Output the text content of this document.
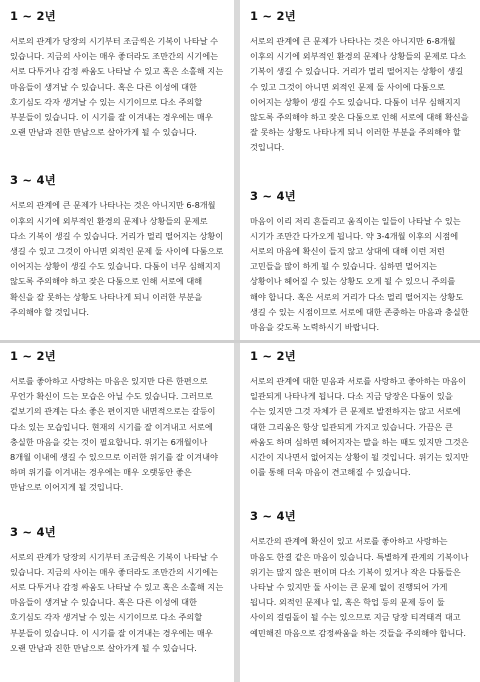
1 ~ 2년

서로의 관계가 당장의 시기부터 조금씩은 기복이 나타날 수 있습니다. 지금의 사이는 매우 좋더라도 조만간의 시기에는 서로 다투거나 감정 싸움도 나타날 수 있고 혹은 소홀해 지는 마음들이 생겨날 수 있습니다. 혹은 다른 이성에 대한 호기심도 각자 생겨날 수 있는 시기이므로 다소 주의할 부분들이 있습니다. 이 시기를 잘 이겨내는 경우에는 매우 오랜 만남과 진한 만남으로 살아가게 될 수 있습니다.

3 ~ 4년

서로의 관계에 큰 문제가 나타나는 것은 아니지만 6-8개월 이후의 시기에 외부적인 환경의 문제나 상황들의 문제로 다소 기복이 생길 수 있습니다. 거리가 멀리 떨어지는 상황이 생길 수 있고 그것이 아니면 외적인 문제 둘 사이에 다툼으로 이어지는 상황이 생길 수도 있습니다. 다툼이 너무 심해지지 않도록 주의해야 하고 잦은 다툼으로 인해 서로에 대해 확신을 잘 못하는 상황도 나타나게 되니 이러한 부분을 주의해야 할 것입니다.

1 ~ 2년

서로의 관계에 큰 문제가 나타나는 것은 아니지만 6-8개월 이후의 시기에 외부적인 환경의 문제나 상황들의 문제로 다소 기복이 생길 수 있습니다. 거리가 멀리 떨어지는 상황이 생길 수 있고 그것이 아니면 외적인 문제 둘 사이에 다툼으로 이어지는 상황이 생길 수도 있습니다. 다툼이 너무 심해지지 않도록 주의해야 하고 잦은 다툼으로 인해 서로에 대해 확신을 잘 못하는 상황도 나타나게 되니 이러한 부분을 주의해야 할 것입니다.

3 ~ 4년

마음이 이리 저리 흔들리고 움직이는 일들이 나타날 수 있는 시기가 조만간 다가오게 됩니다. 약 3-4개월 이후의 시점에 서로의 마음에 확신이 들지 않고 상대에 대해 이런 저런 고민들을 많이 하게 될 수 있습니다. 심하면 멀어지는 상황이나 헤어질 수 있는 상황도 오게 될 수 있으니 주의를 해야 합니다. 혹은 서로의 거리가 다소 멀리 떨어지는 상황도 생길 수 있는 시점이므로 서로에 대한 존중하는 마음과 충실한 마음을 갖도록 노력하시기 바랍니다.

1 ~ 2년

서로를 좋아하고 사랑하는 마음은 있지만 다른 한편으로 무언가 확신이 드는 모습은 아닐 수도 있습니다. 그러므로 겉보기의 관계는 다소 좋은 편이지만 내면적으로는 갈등이 다소 있는 모습입니다. 현재의 시기를 잘 이겨내고 서로에 충실한 마음을 갖는 것이 필요합니다. 위기는 6개월이나 8개월 이내에 생길 수 있으므로 이러한 위기를 잘 이겨내야 하며 위기를 이겨내는 경우에는 매우 오랫동안 좋은 만남으로 이어지게 될 것입니다.

3 ~ 4년

서로의 관계가 당장의 시기부터 조금씩은 기복이 나타날 수 있습니다. 지금의 사이는 매우 좋더라도 조만간의 시기에는 서로 다투거나 감정 싸움도 나타날 수 있고 혹은 소홀해 지는 마음들이 생겨날 수 있습니다. 혹은 다른 이성에 대한 호기심도 각자 생겨날 수 있는 시기이므로 다소 주의할 부분들이 있습니다. 이 시기를 잘 이겨내는 경우에는 매우 오랜 만남과 진한 만남으로 살아가게 될 수 있습니다.

1 ~ 2년

서로의 관계에 대한 믿음과 서로를 사랑하고 좋아하는 마음이 일관되게 나타나게 됩니다. 다소 지금 당장은 다툼이 있을 수는 있지만 그것 자체가 큰 문제로 발전하지는 않고 서로에 대한 그리움은 항상 일관되게 가지고 있습니다. 가끔은 큰 싸움도 하며 심하면 헤어지자는 말을 하는 때도 있지만 그것은 시간이 지나면서 없어지는 상황이 될 것입니다. 위기는 있지만 이를 통해 더욱 마음이 견고해질 수 있습니다.

3 ~ 4년

서로간의 관계에 확신이 있고 서로를 좋아하고 사랑하는 마음도 한결 같은 마음이 있습니다. 특별하게 관계의 기복이나 위기는 많지 않은 편이며 다소 기복이 있거나 작은 다툼들은 나타날 수 있지만 둘 사이는 큰 문제 없이 진행되어 가게 됩니다. 외적인 문제나 일, 혹은 학업 등의 문제 등이 둘 사이의 걸림돌이 될 수는 있으므로 지금 당장 티격태격 대고 예민해진 마음으로 감정싸움을 하는 것들을 주의해야 합니다.
